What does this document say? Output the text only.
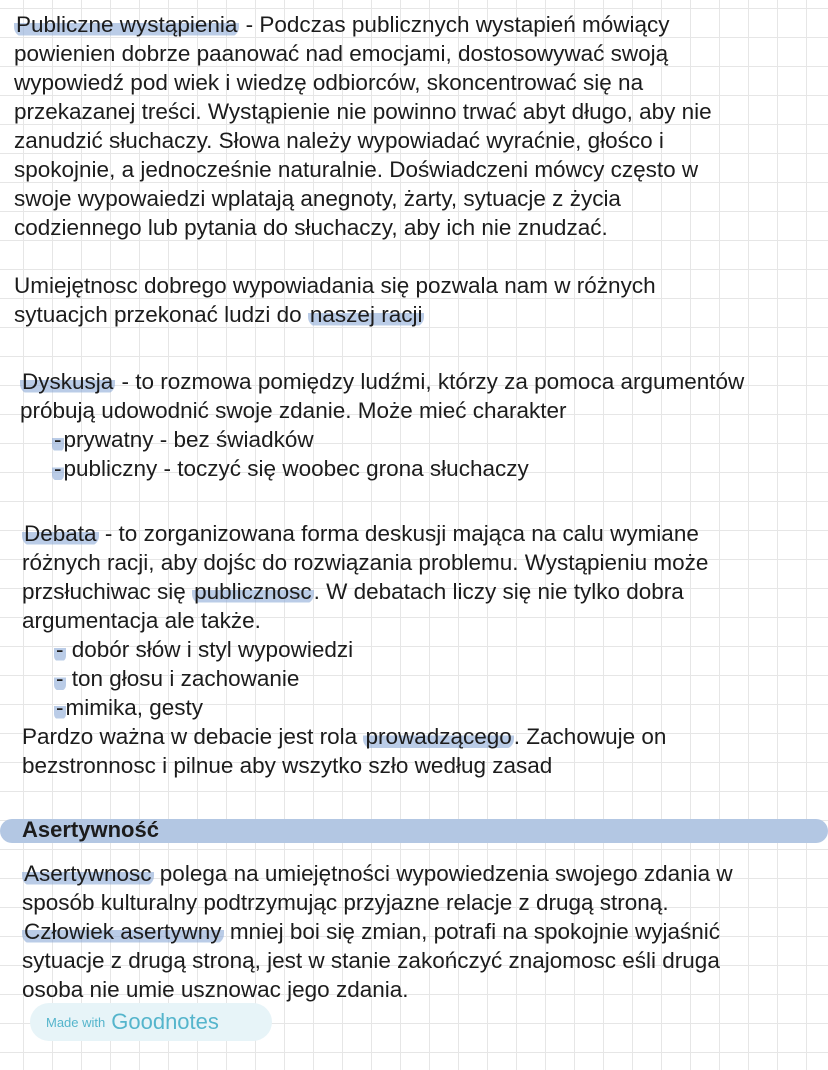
Publiczne wystąpienia - Podczas publicznych wystapień mówiący
powienien dobrze paanować nad emocjami, dostosowywać swoją
wypowiedź pod wiek i wiedzę odbiorców, skoncentrować się na
przekazanej treści. Wystąpienie nie powinno trwać abyt długo, aby nie
zanudzić słuchaczy. Słowa należy wypowiadać wyraćnie, głośco i
spokojnie, a jednocześnie naturalnie. Doświadczeni mówcy często w
swoje wypowaiedzi wplatają anegnoty, żarty, sytuacje z życia
codziennego lub pytania do słuchaczy, aby ich nie znudzać.
Umiejętnosc dobrego wypowiadania się pozwala nam w różnych
sytuacjch przekonać ludzi do naszej racji
Dyskusja - to rozmowa pomiędzy ludźmi, którzy za pomoca argumentów
próbują udowodnić swoje zdanie. Może mieć charakter
-prywatny - bez świadków
-publiczny - toczyć się woobec grona słuchaczy
Debata - to zorganizowana forma deskusji mająca na calu wymiane
różnych racji, aby dojśc do rozwiązania problemu. Wystąpieniu może
przsłuchiwac się publicznosc. W debatach liczy się nie tylko dobra
argumentacja ale także.
- dobór słów i styl wypowiedzi
- ton głosu i zachowanie
-mimika, gesty
Pardzo ważna w debacie jest rola prowadzącego. Zachowuje on
bezstronnosc i pilnue aby wszytko szło według zasad
Asertywność
Asertywnosc polega na umiejętności wypowiedzenia swojego zdania w
sposób kulturalny podtrzymując przyjazne relacje z drugą stroną.
Człowiek asertywny mniej boi się zmian, potrafi na spokojnie wyjaśnić
sytuacje z drugą stroną, jest w stanie zakończyć znajomosc eśli druga
osoba nie umie usznowac jego zdania.
Made with Goodnotes
